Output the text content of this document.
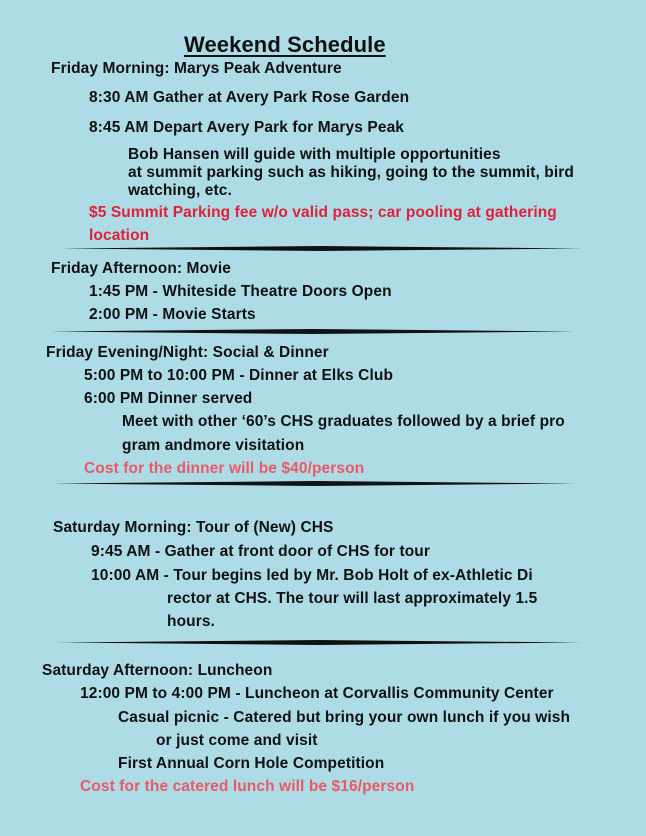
Weekend Schedule
Friday Morning: Marys Peak Adventure
8:30 AM Gather at Avery Park Rose Garden
8:45 AM Depart Avery Park for Marys Peak
Bob Hansen will guide with multiple opportunities
at summit parking such as hiking, going to the summit, bird
watching, etc.
$5 Summit Parking fee w/o valid pass; car pooling at gathering
location
Friday Afternoon: Movie
1:45 PM - Whiteside Theatre Doors Open
2:00 PM - Movie Starts
Friday Evening/Night: Social & Dinner
5:00 PM to 10:00 PM - Dinner at Elks Club
6:00 PM Dinner served
Meet with other ‘60’s CHS graduates followed by a brief pro
gram andmore visitation
Cost for the dinner will be $40/person
Saturday Morning: Tour of (New) CHS
9:45 AM - Gather at front door of CHS for tour
10:00 AM - Tour begins led by Mr. Bob Holt of ex-Athletic Di
rector at CHS. The tour will last approximately 1.5
hours.
Saturday Afternoon: Luncheon
12:00 PM to 4:00 PM - Luncheon at Corvallis Community Center
Casual picnic - Catered but bring your own lunch if you wish
or just come and visit
First Annual Corn Hole Competition
Cost for the catered lunch will be $16/person
